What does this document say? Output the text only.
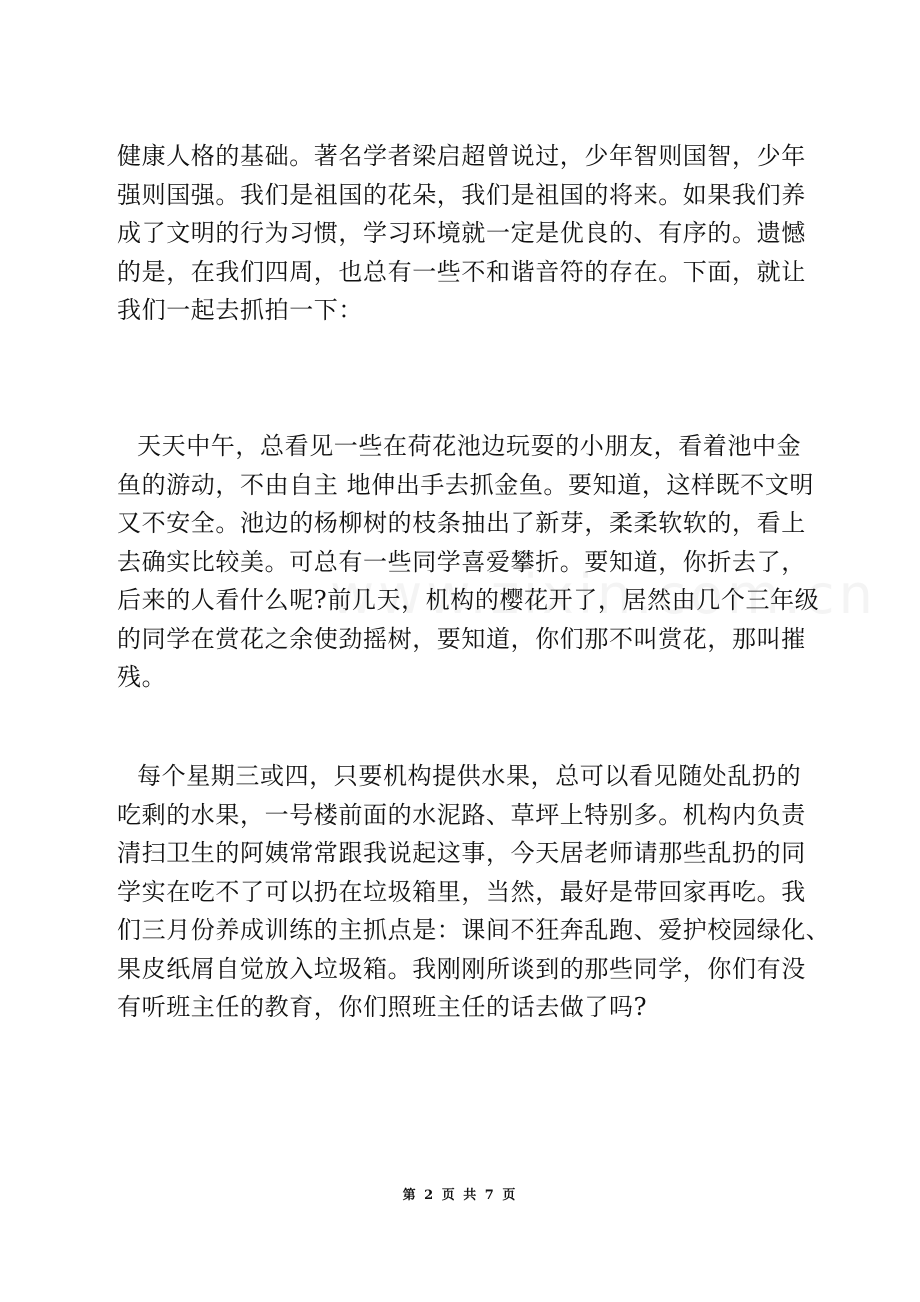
健康人格的基础。著名学者梁启超曾说过，少年智则国智，少年
强则国强。我们是祖国的花朵，我们是祖国的将来。如果我们养
成了文明的行为习惯，学习环境就一定是优良的、有序的。遗憾
的是，在我们四周，也总有一些不和谐音符的存在。下面，就让
我们一起去抓拍一下：
天天中午，总看见一些在荷花池边玩耍的小朋友，看着池中金
鱼的游动，不由自主 地伸出手去抓金鱼。要知道，这样既不文明
又不安全。池边的杨柳树的枝条抽出了新芽，柔柔软软的，看上
去确实比较美。可总有一些同学喜爱攀折。要知道，你折去了，
后来的人看什么呢?前几天，机构的樱花开了，居然由几个三年级
的同学在赏花之余使劲摇树，要知道，你们那不叫赏花，那叫摧
残。
每个星期三或四，只要机构提供水果，总可以看见随处乱扔的
吃剩的水果，一号楼前面的水泥路、草坪上特别多。机构内负责
清扫卫生的阿姨常常跟我说起这事，今天居老师请那些乱扔的同
学实在吃不了可以扔在垃圾箱里，当然，最好是带回家再吃。我
们三月份养成训练的主抓点是：课间不狂奔乱跑、爱护校园绿化、
果皮纸屑自觉放入垃圾箱。我刚刚所谈到的那些同学，你们有没
有听班主任的教育，你们照班主任的话去做了吗?
第 2 页 共 7 页
